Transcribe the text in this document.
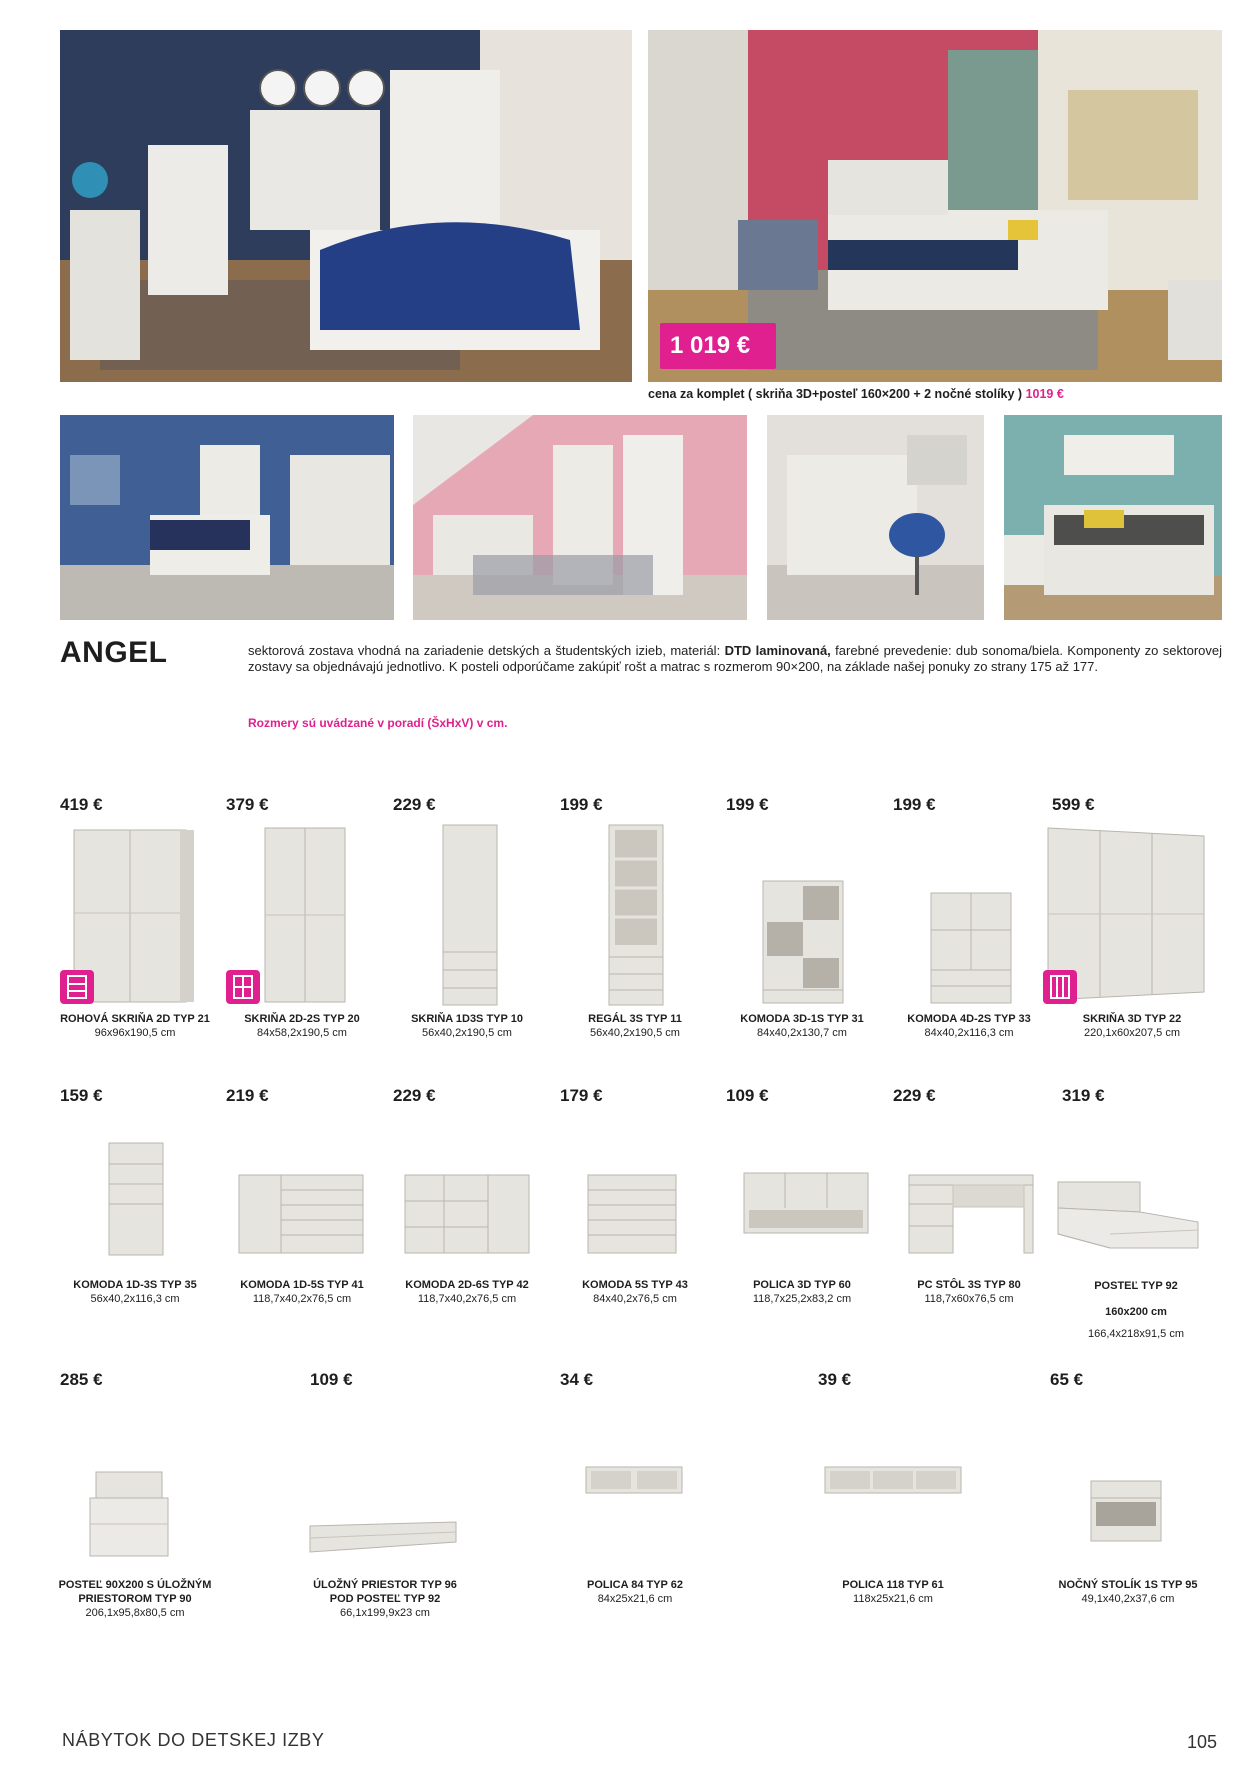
1 019 €
cena za komplet ( skriňa 3D+posteľ 160×200 + 2 nočné stolíky ) 1019 €
ANGEL	sektorová zostava vhodná na zariadenie detských a študentských izieb, materiál: DTD laminovaná, farebné prevedenie: dub sonoma/biela. Komponenty zo sektorovej zostavy sa objednávajú jednotlivo. K posteli odporúčame zakúpiť rošt a matrac s rozmerom 90×200, na základe našej ponuky zo strany 175 až 177.
Rozmery sú uvádzané v poradí (ŠxHxV) v cm.
419 €
ROHOVÁ SKRIŇA 2D TYP 21
96x96x190,5 cm
379 €
SKRIŇA 2D-2S TYP 20
84x58,2x190,5 cm
229 €
SKRIŇA 1D3S TYP 10
56x40,2x190,5 cm
199 €
REGÁL 3S TYP 11
56x40,2x190,5 cm
199 €
KOMODA 3D-1S TYP 31
84x40,2x130,7 cm
199 €
KOMODA 4D-2S TYP 33
84x40,2x116,3 cm
599 €
SKRIŇA 3D TYP 22
220,1x60x207,5 cm
159 €
KOMODA 1D-3S TYP 35
56x40,2x116,3 cm
219 €
KOMODA 1D-5S TYP 41
118,7x40,2x76,5 cm
229 €
KOMODA 2D-6S TYP 42
118,7x40,2x76,5 cm
179 €
KOMODA 5S TYP 43
84x40,2x76,5 cm
109 €
POLICA 3D TYP 60
118,7x25,2x83,2 cm
229 €
PC STÔL 3S TYP 80
118,7x60x76,5 cm
319 €
POSTEĽ TYP 92
160x200 cm
166,4x218x91,5 cm
285 €
POSTEĽ 90X200 S ÚLOŽNÝM PRIESTOROM TYP 90
206,1x95,8x80,5 cm
109 €
ÚLOŽNÝ PRIESTOR TYP 96 POD POSTEĽ TYP 92
66,1x199,9x23 cm
34 €
POLICA 84 TYP 62
84x25x21,6 cm
39 €
POLICA 118 TYP 61
118x25x21,6 cm
65 €
NOČNÝ STOLÍK 1S TYP 95
49,1x40,2x37,6 cm
NÁBYTOK DO DETSKEJ IZBY	105
